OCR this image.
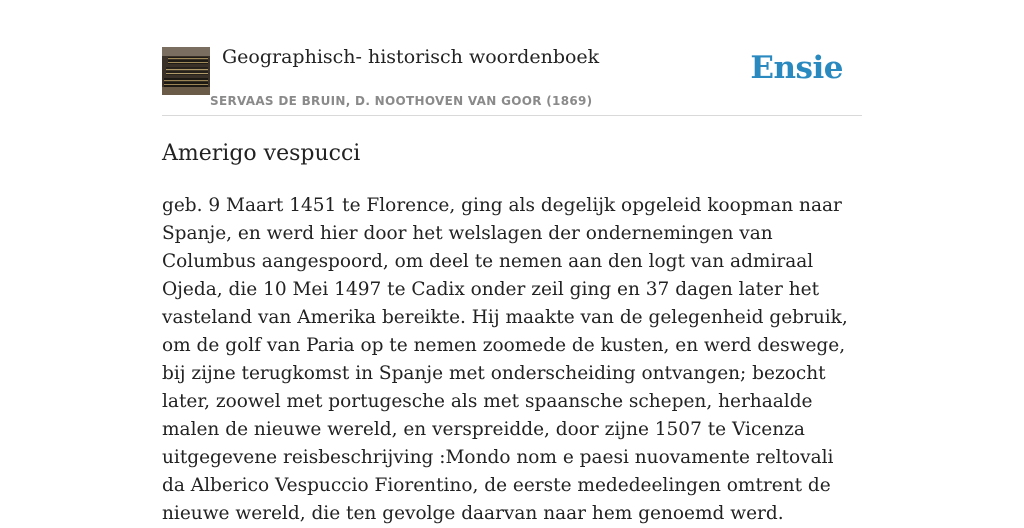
Geographisch- historisch woordenboek
SERVAAS DE BRUIN, D. NOOTHOVEN VAN GOOR (1869)
Ensie
Amerigo vespucci

geb. 9 Maart 1451 te Florence, ging als degelijk opgeleid koopman naar Spanje, en werd hier door het welslagen der ondernemingen van Columbus aangespoord, om deel te nemen aan den logt van admiraal Ojeda, die 10 Mei 1497 te Cadix onder zeil ging en 37 dagen later het vasteland van Amerika bereikte. Hij maakte van de gelegenheid gebruik, om de golf van Paria op te nemen zoomede de kusten, en werd deswege, bij zijne terugkomst in Spanje met onderscheiding ontvangen; bezocht later, zoowel met portugesche als met spaansche schepen, herhaalde malen de nieuwe wereld, en verspreidde, door zijne 1507 te Vicenza uitgegevene reisbeschrijving :Mondo nom e paesi nuovamente reltovali da Alberico Vespuccio Fiorentino, de eerste mededeelingen omtrent de nieuwe wereld, die ten gevolge daarvan naar hem genoemd werd.
